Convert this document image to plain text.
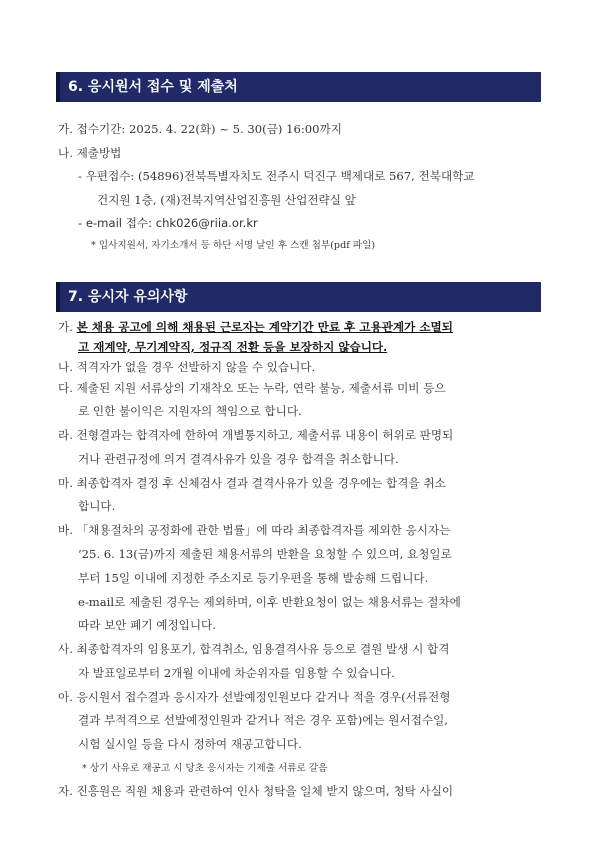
6. 응시원서 접수 및 제출처
가. 접수기간: 2025. 4. 22(화) ~ 5. 30(금) 16:00까지
나. 제출방법
- 우편접수: (54896)전북특별자치도 전주시 덕진구 백제대로 567, 전북대학교
건지원 1층, (재)전북지역산업진흥원 산업전략실 앞
- e-mail 접수: chk026@riia.or.kr
* 입사지원서, 자기소개서 등 하단 서명 날인 후 스캔 첨부(pdf 파일)
7. 응시자 유의사항
가. 본 채용 공고에 의해 채용된 근로자는 계약기간 만료 후 고용관계가 소멸되
고 재계약, 무기계약직, 정규직 전환 등을 보장하지 않습니다.
나. 적격자가 없을 경우 선발하지 않을 수 있습니다.
다. 제출된 지원 서류상의 기재착오 또는 누락, 연락 불능, 제출서류 미비 등으
로 인한 불이익은 지원자의 책임으로 합니다.
라. 전형결과는 합격자에 한하여 개별통지하고, 제출서류 내용이 허위로 판명되
거나 관련규정에 의거 결격사유가 있을 경우 합격을 취소합니다.
마. 최종합격자 결정 후 신체검사 결과 결격사유가 있을 경우에는 합격을 취소
합니다.
바. 「채용절차의 공정화에 관한 법률」에 따라 최종합격자를 제외한 응시자는
’25. 6. 13(금)까지 제출된 채용서류의 반환을 요청할 수 있으며, 요청일로
부터 15일 이내에 지정한 주소지로 등기우편을 통해 발송해 드립니다.
e-mail로 제출된 경우는 제외하며, 이후 반환요청이 없는 채용서류는 절차에
따라 보안 폐기 예정입니다.
사. 최종합격자의 임용포기, 합격취소, 임용결격사유 등으로 결원 발생 시 합격
자 발표일로부터 2개월 이내에 차순위자를 임용할 수 있습니다.
아. 응시원서 접수결과 응시자가 선발예정인원보다 같거나 적을 경우(서류전형
결과 부적격으로 선발예정인원과 같거나 적은 경우 포함)에는 원서접수일,
시험 실시일 등을 다시 정하여 재공고합니다.
* 상기 사유로 재공고 시 당초 응시자는 기제출 서류로 갈음
자. 진흥원은 직원 채용과 관련하여 인사 청탁을 일체 받지 않으며, 청탁 사실이
